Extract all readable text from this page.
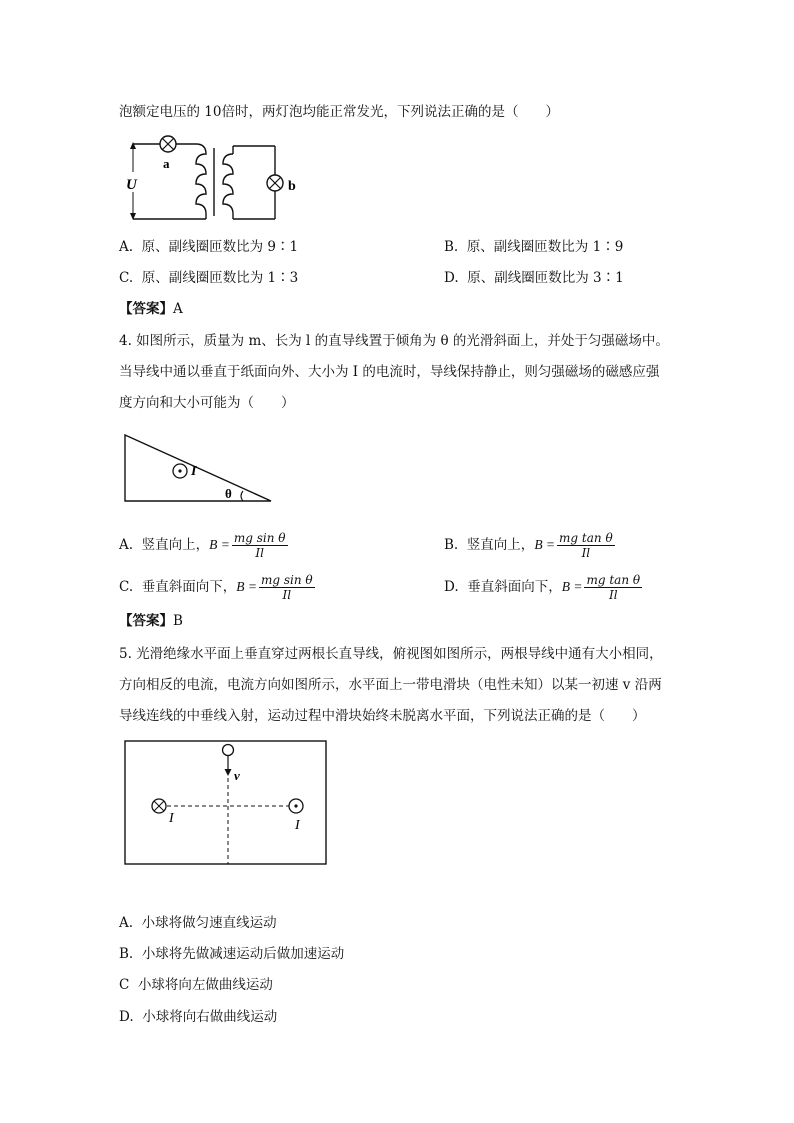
泡额定电压的 10倍时，两灯泡均能正常发光，下列说法正确的是（　　）
U
a
b
A. 原、副线圈匝数比为 9∶1	B. 原、副线圈匝数比为 1∶9
C. 原、副线圈匝数比为 1∶3	D. 原、副线圈匝数比为 3∶1
【答案】A
4. 如图所示，质量为 m、长为 l 的直导线置于倾角为 θ 的光滑斜面上，并处于匀强磁场中。
当导线中通以垂直于纸面向外、大小为 I 的电流时，导线保持静止，则匀强磁场的磁感应强
度方向和大小可能为（　　）
I
θ
A. 竖直向上，$B = \frac{\text{mg sin θ}}{Il}$	B. 竖直向上，$B = \frac{\text{mg tan θ}}{Il}$
C. 垂直斜面向下，$B = \frac{\text{mg sin θ}}{Il}$	D. 垂直斜面向下，$B = \frac{\text{mg tan θ}}{Il}$
【答案】B
5. 光滑绝缘水平面上垂直穿过两根长直导线，俯视图如图所示，两根导线中通有大小相同，
方向相反的电流，电流方向如图所示，水平面上一带电滑块（电性未知）以某一初速 v 沿两
导线连线的中垂线入射，运动过程中滑块始终未脱离水平面，下列说法正确的是（　　）
v
I	I
A. 小球将做匀速直线运动
B. 小球将先做减速运动后做加速运动
C 小球将向左做曲线运动
D. 小球将向右做曲线运动
